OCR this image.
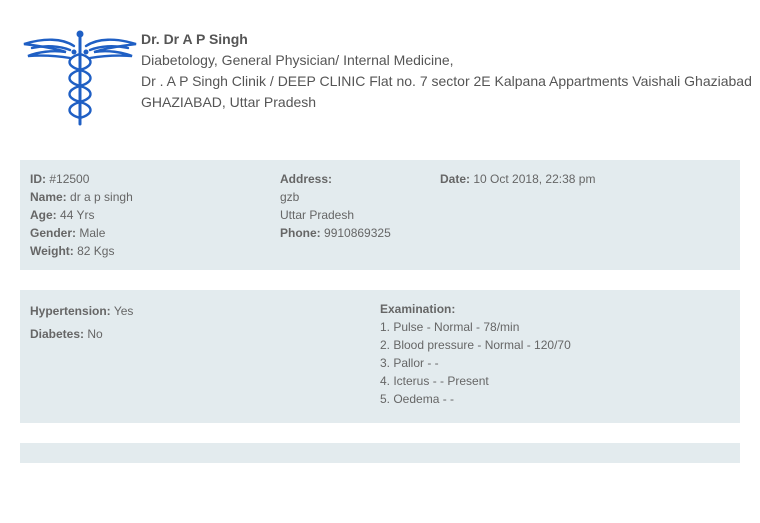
Dr. Dr A P Singh
Diabetology, General Physician/ Internal Medicine,
Dr . A P Singh Clinik / DEEP CLINIC Flat no. 7 sector 2E Kalpana Appartments Vaishali Ghaziabad
GHAZIABAD, Uttar Pradesh
ID: #12500
Name: dr a p singh
Age: 44 Yrs
Gender: Male
Weight: 82 Kgs
Address:
gzb
Uttar Pradesh
Phone: 9910869325
Date: 10 Oct 2018, 22:38 pm
Hypertension: Yes
Diabetes: No
Examination:
1. Pulse - Normal - 78/min
2. Blood pressure - Normal - 120/70
3. Pallor - -
4. Icterus - - Present
5. Oedema - -
